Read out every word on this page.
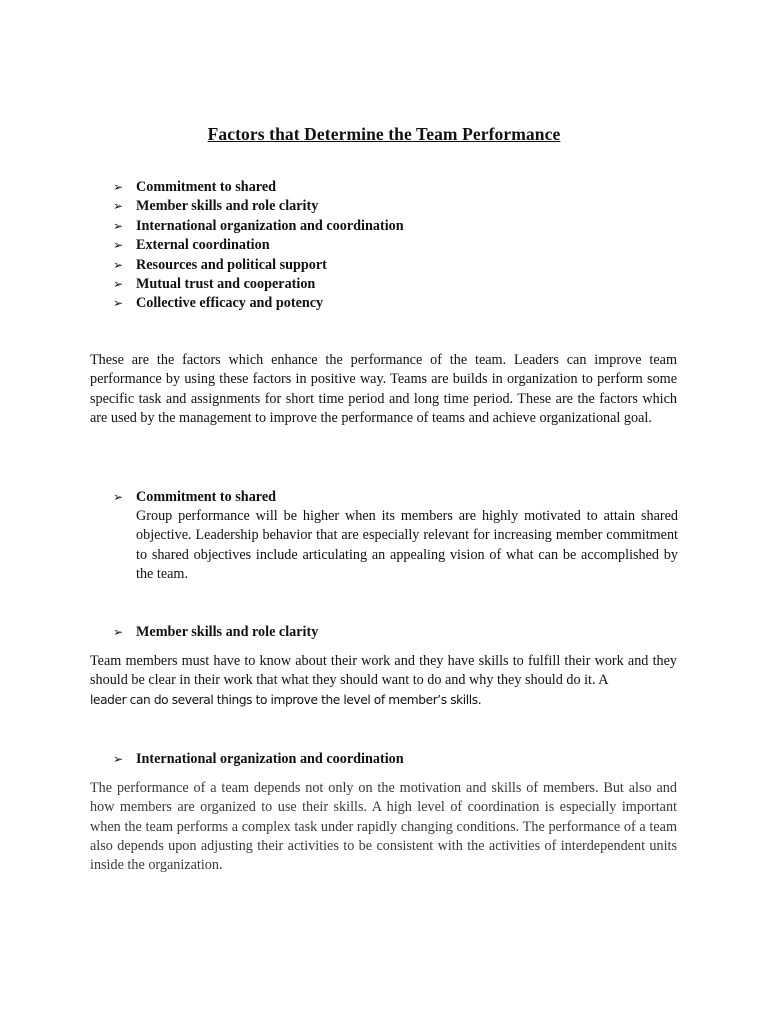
Factors that Determine the Team Performance
➢ Commitment to shared
➢ Member skills and role clarity
➢ International organization and coordination
➢ External coordination
➢ Resources and political support
➢ Mutual trust and cooperation
➢ Collective efficacy and potency

These are the factors which enhance the performance of the team. Leaders can improve team performance by using these factors in positive way. Teams are builds in organization to perform some specific task and assignments for short time period and long time period. These are the factors which are used by the management to improve the performance of teams and achieve organizational goal.

➢ Commitment to shared

Group performance will be higher when its members are highly motivated to attain shared objective. Leadership behavior that are especially relevant for increasing member commitment to shared objectives include articulating an appealing vision of what can be accomplished by the team.

➢ Member skills and role clarity
Team members must have to know about their work and they have skills to fulfill their work and they should be clear in their work that what they should want to do and why they should do it. A
leader can do several things to improve the level of member’s skills.
➢ International organization and coordination

The performance of a team depends not only on the motivation and skills of members. But also and how members are organized to use their skills. A high level of coordination is especially important when the team performs a complex task under rapidly changing conditions. The performance of a team also depends upon adjusting their activities to be consistent with the activities of interdependent units inside the organization.
